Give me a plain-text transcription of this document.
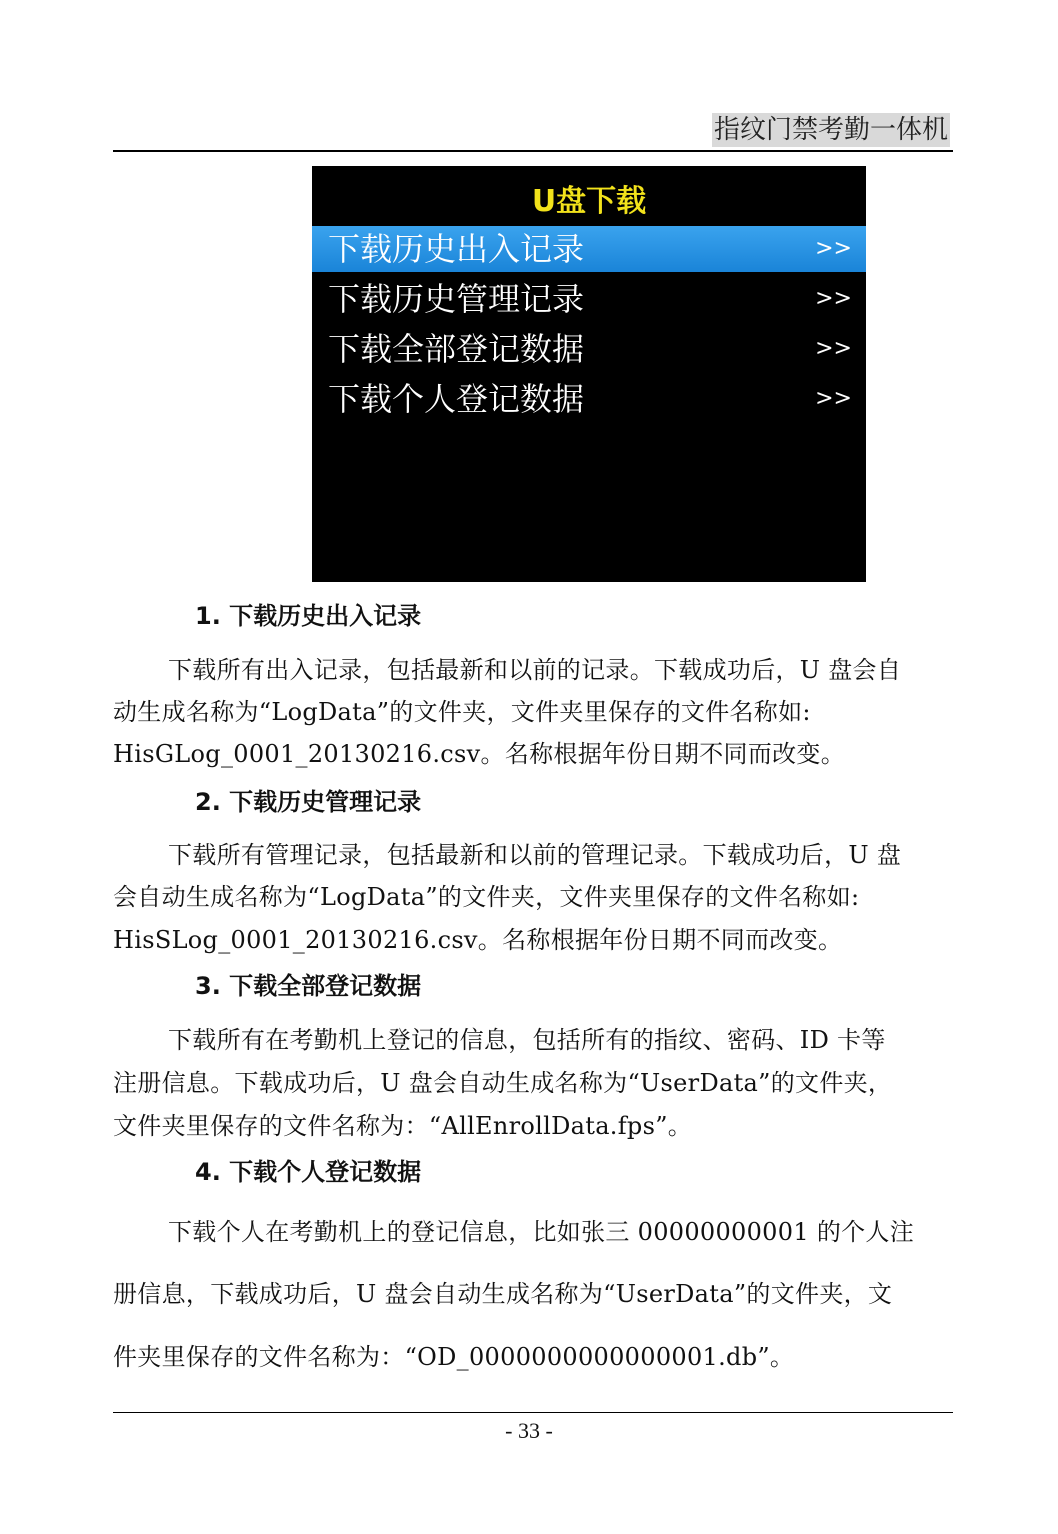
指纹门禁考勤一体机
U盘下载
下载历史出入记录	>>
下载历史管理记录	>>
下载全部登记数据	>>
下载个人登记数据	>>
1. 下载历史出入记录
下载所有出入记录，包括最新和以前的记录。下载成功后，U 盘会自
动生成名称为“LogData”的文件夹，文件夹里保存的文件名称如:
HisGLog_0001_20130216.csv。名称根据年份日期不同而改变。
2. 下载历史管理记录
下载所有管理记录，包括最新和以前的管理记录。下载成功后，U 盘
会自动生成名称为“LogData”的文件夹，文件夹里保存的文件名称如:
HisSLog_0001_20130216.csv。名称根据年份日期不同而改变。
3. 下载全部登记数据
下载所有在考勤机上登记的信息，包括所有的指纹、密码、ID 卡等
注册信息。下载成功后，U 盘会自动生成名称为“UserData”的文件夹，
文件夹里保存的文件名称为：“AllEnrollData.fps”。
4. 下载个人登记数据
下载个人在考勤机上的登记信息，比如张三 00000000001 的个人注
册信息，下载成功后，U 盘会自动生成名称为“UserData”的文件夹，文
件夹里保存的文件名称为：“OD_0000000000000001.db”。
- 33 -
